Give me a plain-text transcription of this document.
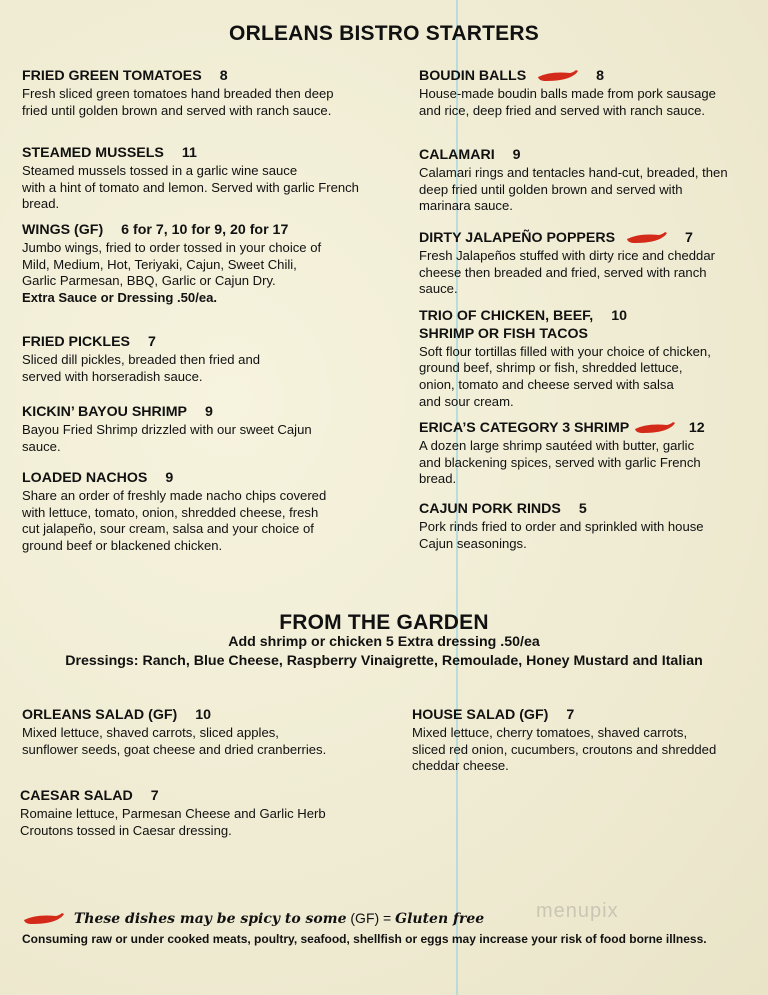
ORLEANS BISTRO STARTERS
FRIED GREEN TOMATOES 8
Fresh sliced green tomatoes hand breaded then deep
fried until golden brown and served with ranch sauce.
STEAMED MUSSELS 11
Steamed mussels tossed in a garlic wine sauce
with a hint of tomato and lemon. Served with garlic French
bread.
WINGS (GF) 6 for 7, 10 for 9, 20 for 17
Jumbo wings, fried to order tossed in your choice of
Mild, Medium, Hot, Teriyaki, Cajun, Sweet Chili,
Garlic Parmesan, BBQ, Garlic or Cajun Dry.
Extra Sauce or Dressing .50/ea.
FRIED PICKLES 7
Sliced dill pickles, breaded then fried and
served with horseradish sauce.
KICKIN’ BAYOU SHRIMP 9
Bayou Fried Shrimp drizzled with our sweet Cajun
sauce.
LOADED NACHOS 9
Share an order of freshly made nacho chips covered
with lettuce, tomato, onion, shredded cheese, fresh
cut jalapeño, sour cream, salsa and your choice of
ground beef or blackened chicken.
BOUDIN BALLS	8
House-made boudin balls made from pork sausage
and rice, deep fried and served with ranch sauce.
CALAMARI 9
Calamari rings and tentacles hand-cut, breaded, then
deep fried until golden brown and served with
marinara sauce.
DIRTY JALAPEÑO POPPERS	7
Fresh Jalapeños stuffed with dirty rice and cheddar
cheese then breaded and fried, served with ranch
sauce.
TRIO OF CHICKEN, BEEF, 10
SHRIMP OR FISH TACOS
Soft flour tortillas filled with your choice of chicken,
ground beef, shrimp or fish, shredded lettuce,
onion, tomato and cheese served with salsa
and sour cream.
ERICA’S CATEGORY 3 SHRIMP	12
A dozen large shrimp sautéed with butter, garlic
and blackening spices, served with garlic French
bread.
CAJUN PORK RINDS 5
Pork rinds fried to order and sprinkled with house
Cajun seasonings.
FROM THE GARDEN
Add shrimp or chicken 5 Extra dressing .50/ea
Dressings: Ranch, Blue Cheese, Raspberry Vinaigrette, Remoulade, Honey Mustard and Italian
ORLEANS SALAD (GF) 10
Mixed lettuce, shaved carrots, sliced apples,
sunflower seeds, goat cheese and dried cranberries.
HOUSE SALAD (GF) 7
Mixed lettuce, cherry tomatoes, shaved carrots,
sliced red onion, cucumbers, croutons and shredded
cheddar cheese.
CAESAR SALAD 7
Romaine lettuce, Parmesan Cheese and Garlic Herb
Croutons tossed in Caesar dressing.
These dishes may be spicy to some (GF) = Gluten free
Consuming raw or under cooked meats, poultry, seafood, shellfish or eggs may increase your risk of food borne illness.
menupix
